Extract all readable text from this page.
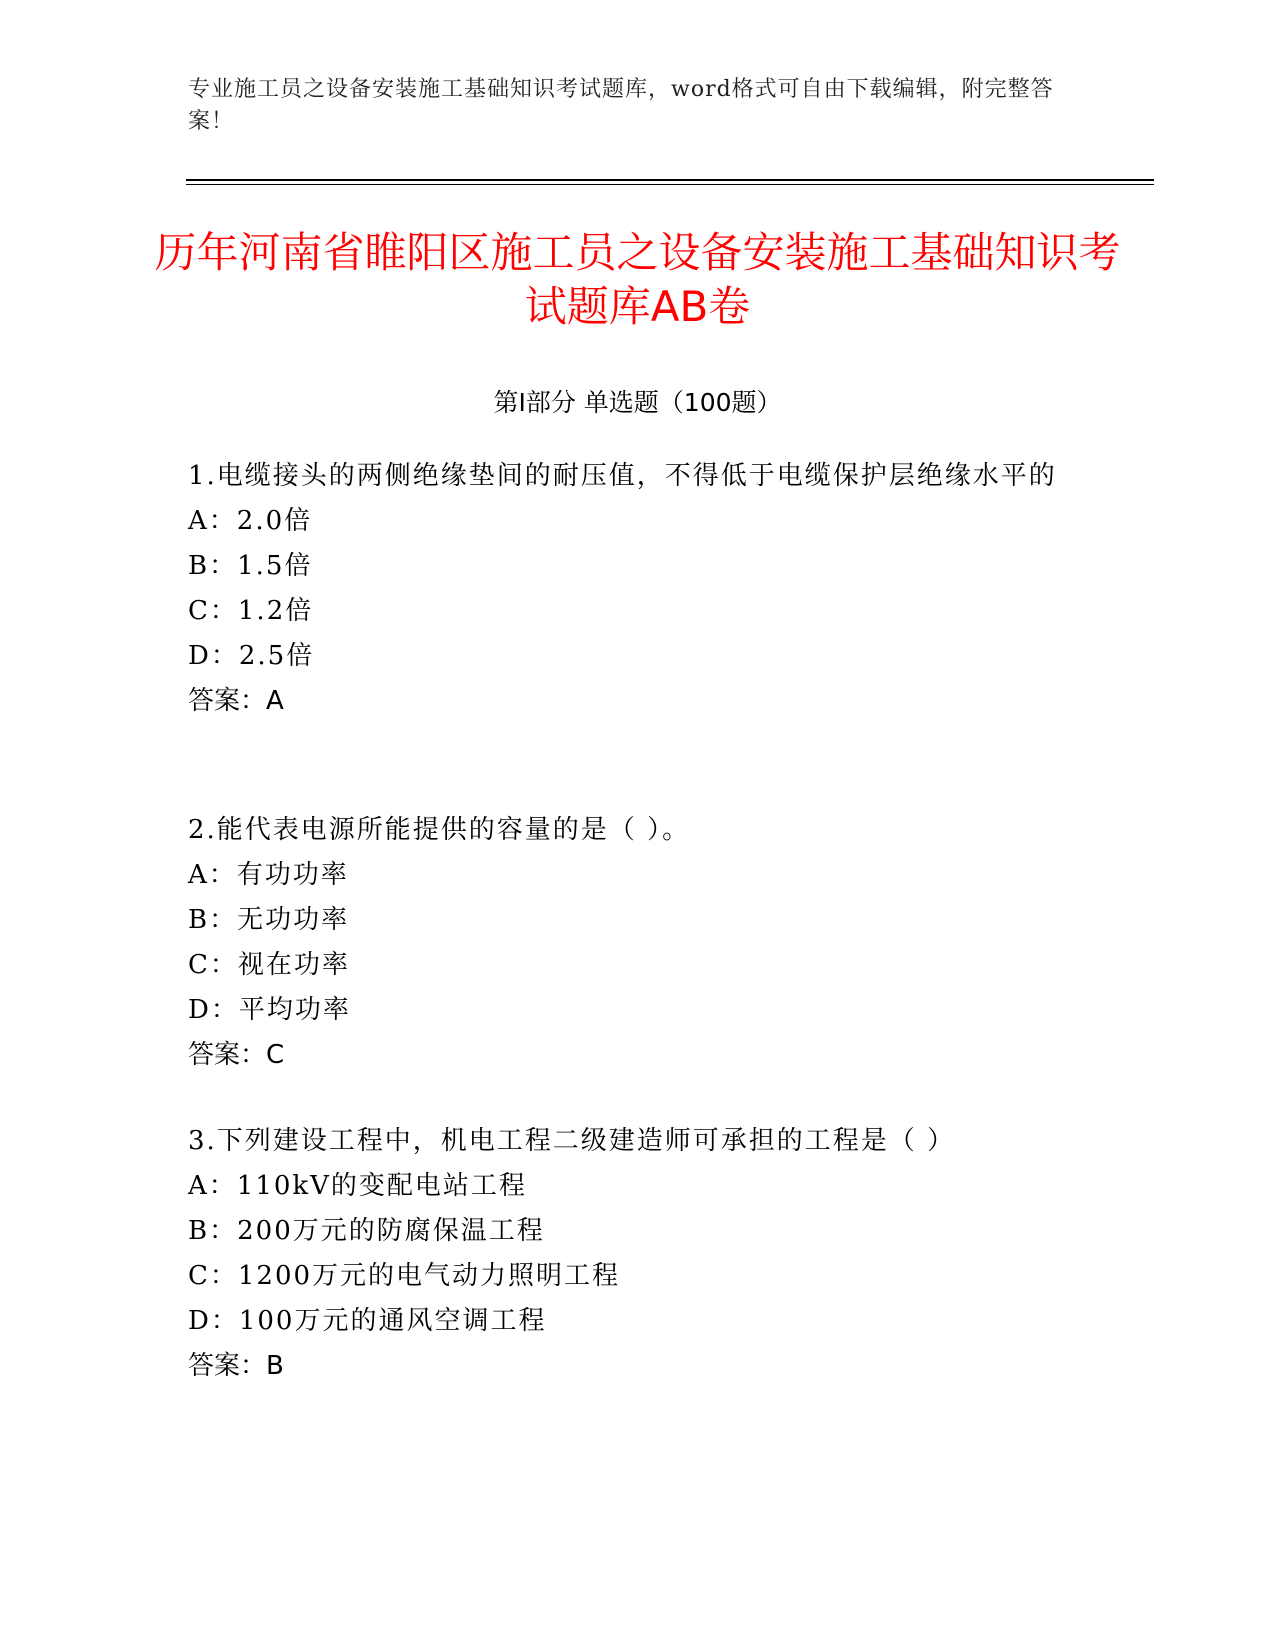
专业施工员之设备安装施工基础知识考试题库，word格式可自由下载编辑，附完整答案！
历年河南省睢阳区施工员之设备安装施工基础知识考试题库AB卷
第Ⅰ部分 单选题（100题）
1.电缆接头的两侧绝缘垫间的耐压值，不得低于电缆保护层绝缘水平的
A：2.0倍
B：1.5倍
C：1.2倍
D：2.5倍
答案：A
2.能代表电源所能提供的容量的是（ ）。
A：有功功率
B：无功功率
C：视在功率
D：平均功率
答案：C
3.下列建设工程中，机电工程二级建造师可承担的工程是（ ）
A：110kV的变配电站工程
B：200万元的防腐保温工程
C：1200万元的电气动力照明工程
D：100万元的通风空调工程
答案：B
